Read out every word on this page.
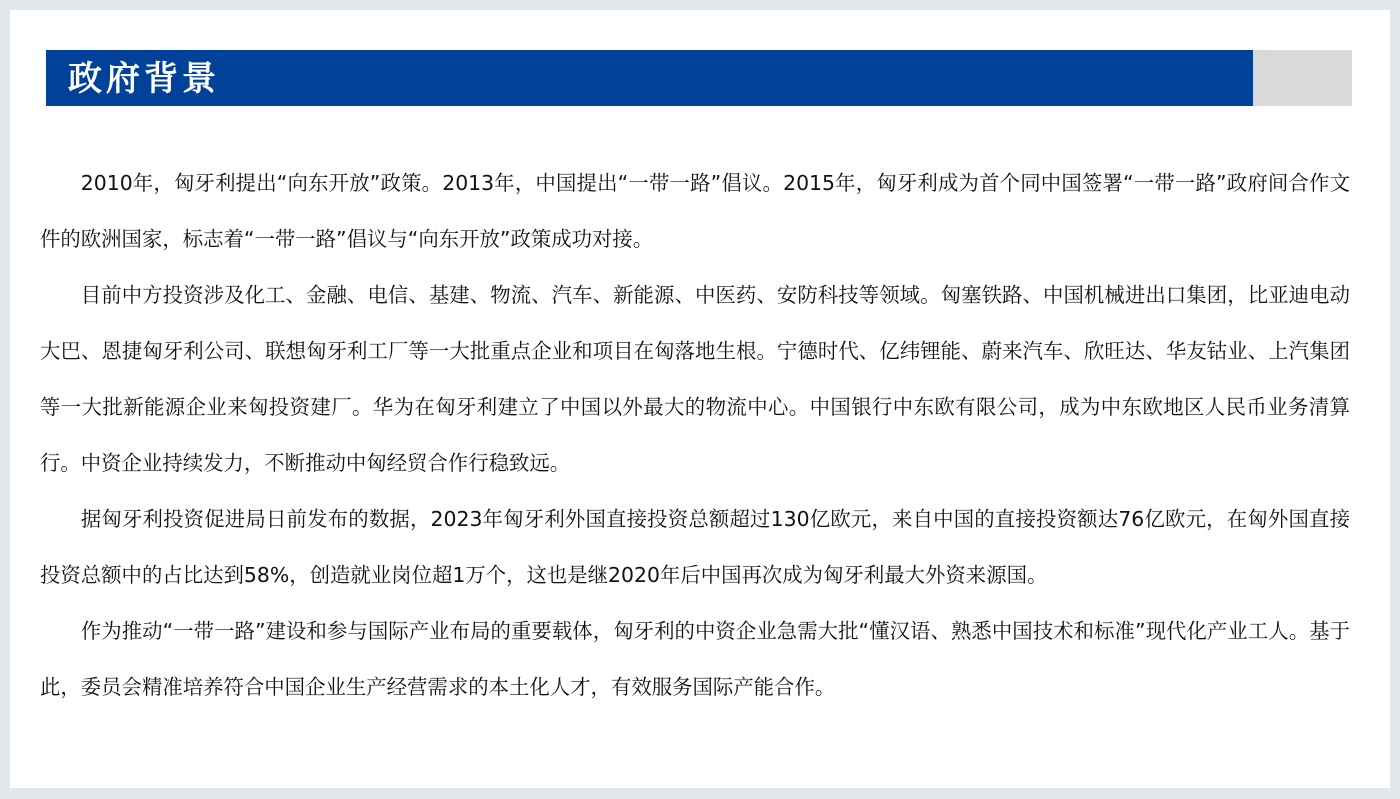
政府背景

2010年，匈牙利提出“向东开放”政策。2013年，中国提出“一带一路”倡议。2015年，匈牙利成为首个同中国签署“一带一路”政府间合作文件的欧洲国家，标志着“一带一路”倡议与“向东开放”政策成功对接。

目前中方投资涉及化工、金融、电信、基建、物流、汽车、新能源、中医药、安防科技等领域。匈塞铁路、中国机械进出口集团，比亚迪电动大巴、恩捷匈牙利公司、联想匈牙利工厂等一大批重点企业和项目在匈落地生根。宁德时代、亿纬锂能、蔚来汽车、欣旺达、华友钴业、上汽集团等一大批新能源企业来匈投资建厂。华为在匈牙利建立了中国以外最大的物流中心。中国银行中东欧有限公司，成为中东欧地区人民币业务清算行。中资企业持续发力，不断推动中匈经贸合作行稳致远。

据匈牙利投资促进局日前发布的数据，2023年匈牙利外国直接投资总额超过130亿欧元，来自中国的直接投资额达76亿欧元，在匈外国直接投资总额中的占比达到58%，创造就业岗位超1万个，这也是继2020年后中国再次成为匈牙利最大外资来源国。

作为推动“一带一路”建设和参与国际产业布局的重要载体，匈牙利的中资企业急需大批“懂汉语、熟悉中国技术和标准”现代化产业工人。基于此，委员会精准培养符合中国企业生产经营需求的本土化人才，有效服务国际产能合作。
